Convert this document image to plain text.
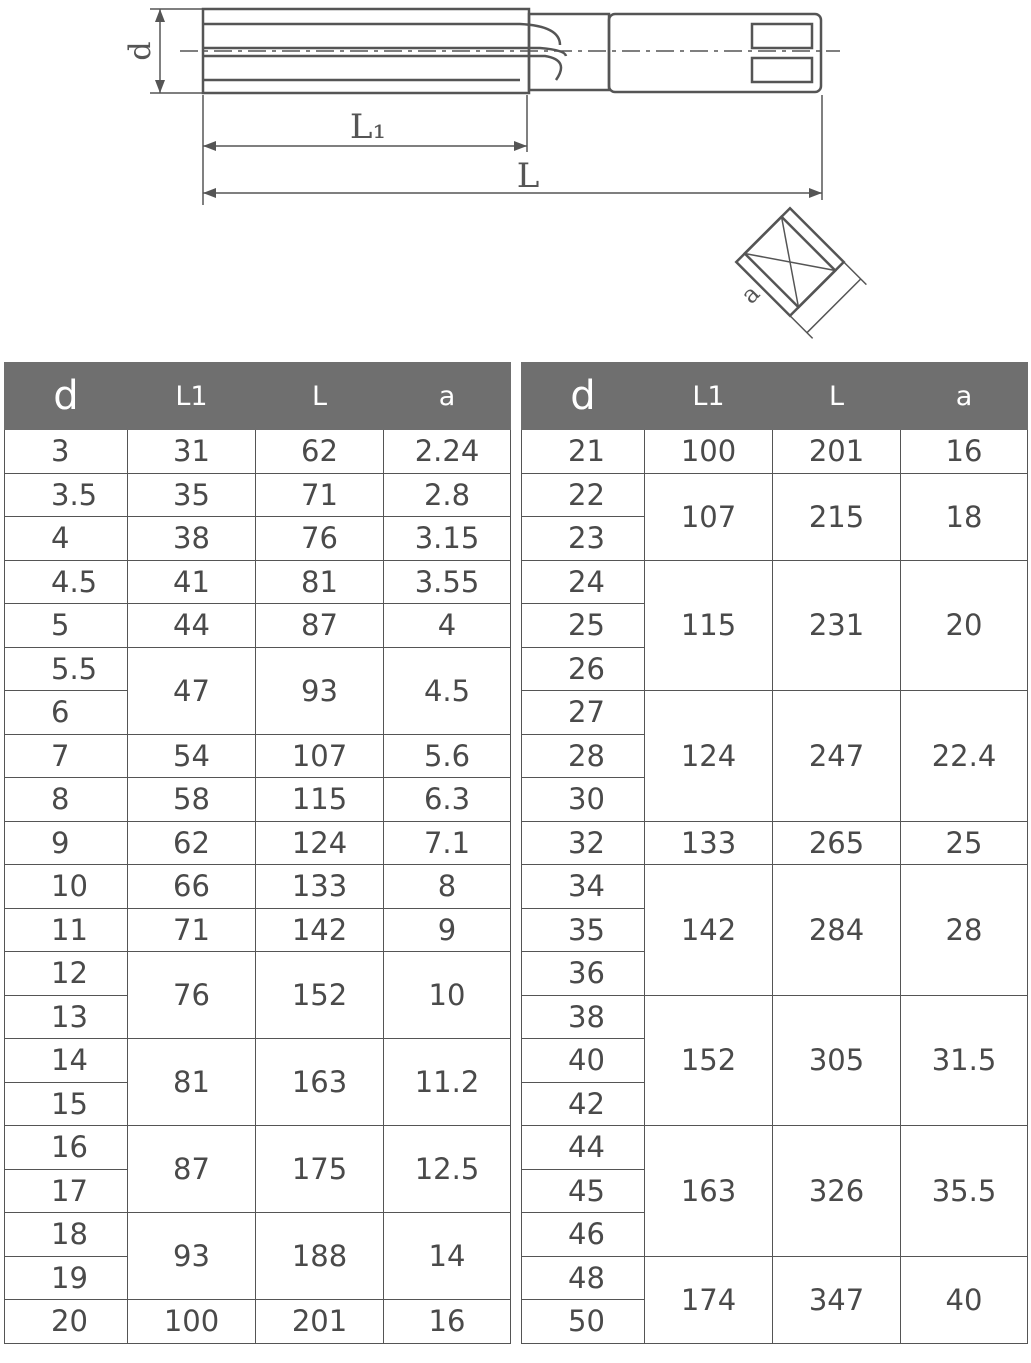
d
L₁
L
a
d	L1	L	a
3	31	62	2.24
3.5	35	71	2.8
4	38	76	3.15
4.5	41	81	3.55
5	44	87	4
5.5	47	93	4.5
6			
7	54	107	5.6
8	58	115	6.3
9	62	124	7.1
10	66	133	8
11	71	142	9
12	76	152	10
13			
14	81	163	11.2
15			
16	87	175	12.5
17			
18	93	188	14
19			
20	100	201	16
d	L1	L	a
21	100	201	16
22	107	215	18
23			
24	115	231	20
25			
26			
27	124	247	22.4
28			
30			
32	133	265	25
34	142	284	28
35			
36			
38	152	305	31.5
40			
42			
44	163	326	35.5
45			
46			
48	174	347	40
50			
